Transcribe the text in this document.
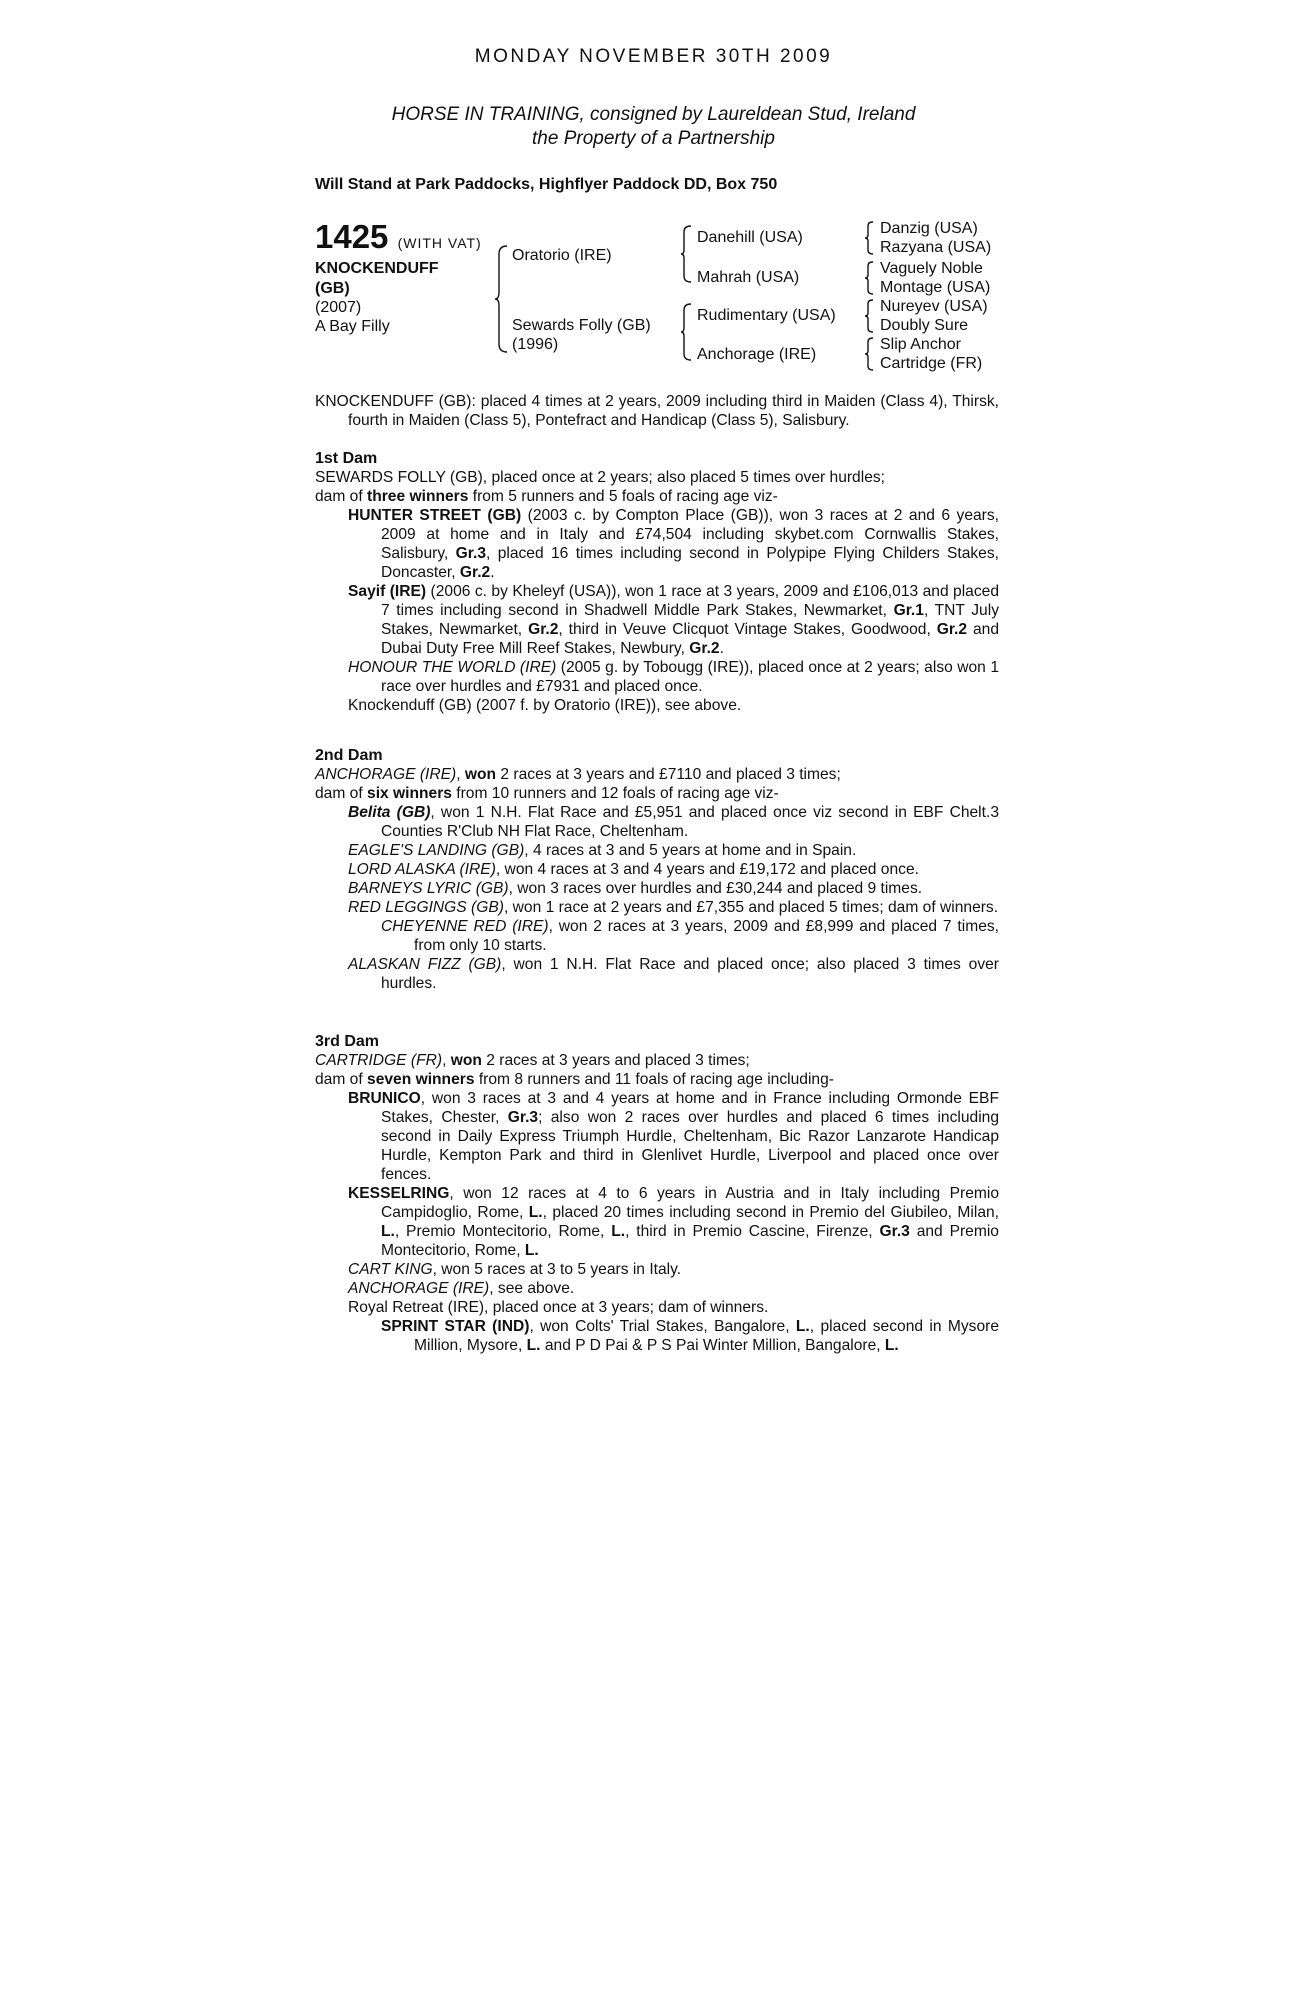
MONDAY NOVEMBER 30TH 2009
HORSE IN TRAINING, consigned by Laureldean Stud, Ireland
the Property of a Partnership
Will Stand at Park Paddocks, Highflyer Paddock DD, Box 750
1425 (WITH VAT)
KNOCKENDUFF
(GB)
(2007)
A Bay Filly
Oratorio (IRE)
Sewards Folly (GB)
(1996)
Danehill (USA)
Mahrah (USA)
Rudimentary (USA)
Anchorage (IRE)
Danzig (USA)
Razyana (USA)
Vaguely Noble
Montage (USA)
Nureyev (USA)
Doubly Sure
Slip Anchor
Cartridge (FR)

KNOCKENDUFF (GB): placed 4 times at 2 years, 2009 including third in Maiden (Class 4), Thirsk, fourth in Maiden (Class 5), Pontefract and Handicap (Class 5), Salisbury.

1st Dam

SEWARDS FOLLY (GB), placed once at 2 years; also placed 5 times over hurdles;

dam of three winners from 5 runners and 5 foals of racing age viz-

HUNTER STREET (GB) (2003 c. by Compton Place (GB)), won 3 races at 2 and 6 years, 2009 at home and in Italy and £74,504 including skybet.com Cornwallis Stakes, Salisbury, Gr.3, placed 16 times including second in Polypipe Flying Childers Stakes, Doncaster, Gr.2.

Sayif (IRE) (2006 c. by Kheleyf (USA)), won 1 race at 3 years, 2009 and £106,013 and placed 7 times including second in Shadwell Middle Park Stakes, Newmarket, Gr.1, TNT July Stakes, Newmarket, Gr.2, third in Veuve Clicquot Vintage Stakes, Goodwood, Gr.2 and Dubai Duty Free Mill Reef Stakes, Newbury, Gr.2.

HONOUR THE WORLD (IRE) (2005 g. by Tobougg (IRE)), placed once at 2 years; also won 1 race over hurdles and £7931 and placed once.

Knockenduff (GB) (2007 f. by Oratorio (IRE)), see above.

2nd Dam

ANCHORAGE (IRE), won 2 races at 3 years and £7110 and placed 3 times;

dam of six winners from 10 runners and 12 foals of racing age viz-

Belita (GB), won 1 N.H. Flat Race and £5,951 and placed once viz second in EBF Chelt.3 Counties R'Club NH Flat Race, Cheltenham.

EAGLE'S LANDING (GB), 4 races at 3 and 5 years at home and in Spain.

LORD ALASKA (IRE), won 4 races at 3 and 4 years and £19,172 and placed once.

BARNEYS LYRIC (GB), won 3 races over hurdles and £30,244 and placed 9 times.

RED LEGGINGS (GB), won 1 race at 2 years and £7,355 and placed 5 times; dam of winners.

CHEYENNE RED (IRE), won 2 races at 3 years, 2009 and £8,999 and placed 7 times, from only 10 starts.

ALASKAN FIZZ (GB), won 1 N.H. Flat Race and placed once; also placed 3 times over hurdles.

3rd Dam

CARTRIDGE (FR), won 2 races at 3 years and placed 3 times;

dam of seven winners from 8 runners and 11 foals of racing age including-

BRUNICO, won 3 races at 3 and 4 years at home and in France including Ormonde EBF Stakes, Chester, Gr.3; also won 2 races over hurdles and placed 6 times including second in Daily Express Triumph Hurdle, Cheltenham, Bic Razor Lanzarote Handicap Hurdle, Kempton Park and third in Glenlivet Hurdle, Liverpool and placed once over fences.

KESSELRING, won 12 races at 4 to 6 years in Austria and in Italy including Premio Campidoglio, Rome, L., placed 20 times including second in Premio del Giubileo, Milan, L., Premio Montecitorio, Rome, L., third in Premio Cascine, Firenze, Gr.3 and Premio Montecitorio, Rome, L.

CART KING, won 5 races at 3 to 5 years in Italy.

ANCHORAGE (IRE), see above.

Royal Retreat (IRE), placed once at 3 years; dam of winners.

SPRINT STAR (IND), won Colts' Trial Stakes, Bangalore, L., placed second in Mysore Million, Mysore, L. and P D Pai & P S Pai Winter Million, Bangalore, L.
